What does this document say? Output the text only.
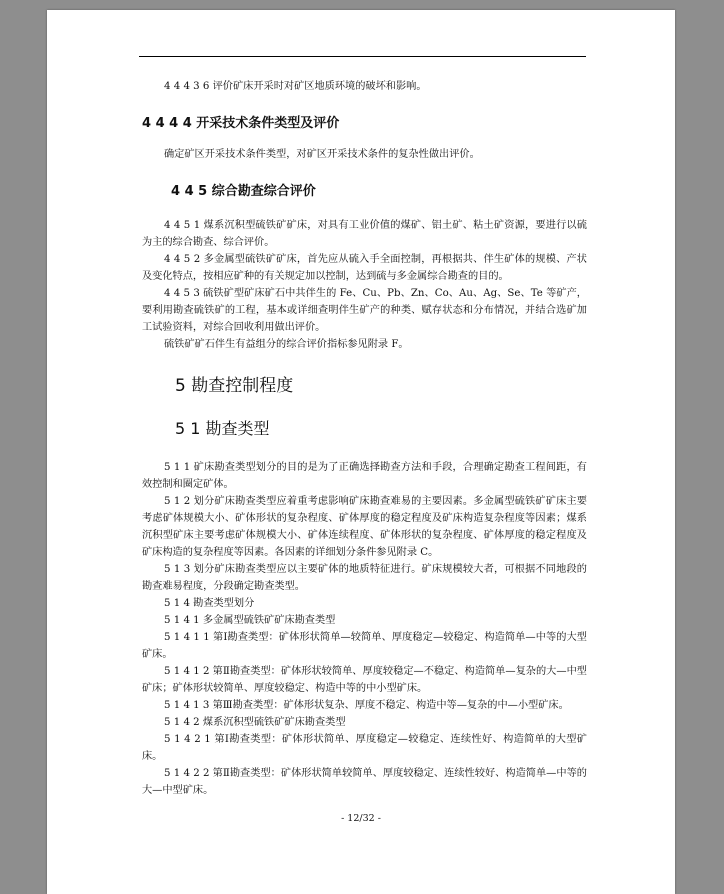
4 4 4 3 6 评价矿床开采时对矿区地质环境的破坏和影响。

4 4 4 4 开采技术条件类型及评价

确定矿区开采技术条件类型，对矿区开采技术条件的复杂性做出评价。

4 4 5 综合勘查综合评价

4 4 5 1 煤系沉积型硫铁矿矿床，对具有工业价值的煤矿、铝土矿、粘土矿资源，要进行以硫为主的综合勘查、综合评价。

4 4 5 2 多金属型硫铁矿矿床，首先应从硫入手全面控制，再根据共、伴生矿体的规模、产状及变化特点，按相应矿种的有关规定加以控制，达到硫与多金属综合勘查的目的。

4 4 5 3 硫铁矿型矿床矿石中共伴生的 Fe、Cu、Pb、Zn、Co、Au、Ag、Se、Te 等矿产，要利用勘查硫铁矿的工程，基本或详细查明伴生矿产的种类、赋存状态和分布情况，并结合选矿加工试验资料，对综合回收利用做出评价。

硫铁矿矿石伴生有益组分的综合评价指标参见附录 F。

5 勘查控制程度
5 1 勘查类型

5 1 1 矿床勘查类型划分的目的是为了正确选择勘查方法和手段，合理确定勘查工程间距，有效控制和圈定矿体。

5 1 2 划分矿床勘查类型应着重考虑影响矿床勘查难易的主要因素。多金属型硫铁矿矿床主要考虑矿体规模大小、矿体形状的复杂程度、矿体厚度的稳定程度及矿床构造复杂程度等因素；煤系沉积型矿床主要考虑矿体规模大小、矿体连续程度、矿体形状的复杂程度、矿体厚度的稳定程度及矿床构造的复杂程度等因素。各因素的详细划分条件参见附录 C。

5 1 3 划分矿床勘查类型应以主要矿体的地质特征进行。矿床规模较大者，可根据不同地段的勘查难易程度，分段确定勘查类型。

5 1 4 勘查类型划分

5 1 4 1 多金属型硫铁矿矿床勘查类型

5 1 4 1 1 第Ⅰ勘查类型：矿体形状简单—较简单、厚度稳定—较稳定、构造简单—中等的大型矿床。

5 1 4 1 2 第Ⅱ勘查类型：矿体形状较简单、厚度较稳定—不稳定、构造简单—复杂的大—中型矿床；矿体形状较简单、厚度较稳定、构造中等的中小型矿床。

5 1 4 1 3 第Ⅲ勘查类型：矿体形状复杂、厚度不稳定、构造中等—复杂的中—小型矿床。

5 1 4 2 煤系沉积型硫铁矿矿床勘查类型

5 1 4 2 1 第Ⅰ勘查类型：矿体形状简单、厚度稳定—较稳定、连续性好、构造简单的大型矿床。

5 1 4 2 2 第Ⅱ勘查类型：矿体形状简单较简单、厚度较稳定、连续性较好、构造简单—中等的大—中型矿床。

- 12/32 -
